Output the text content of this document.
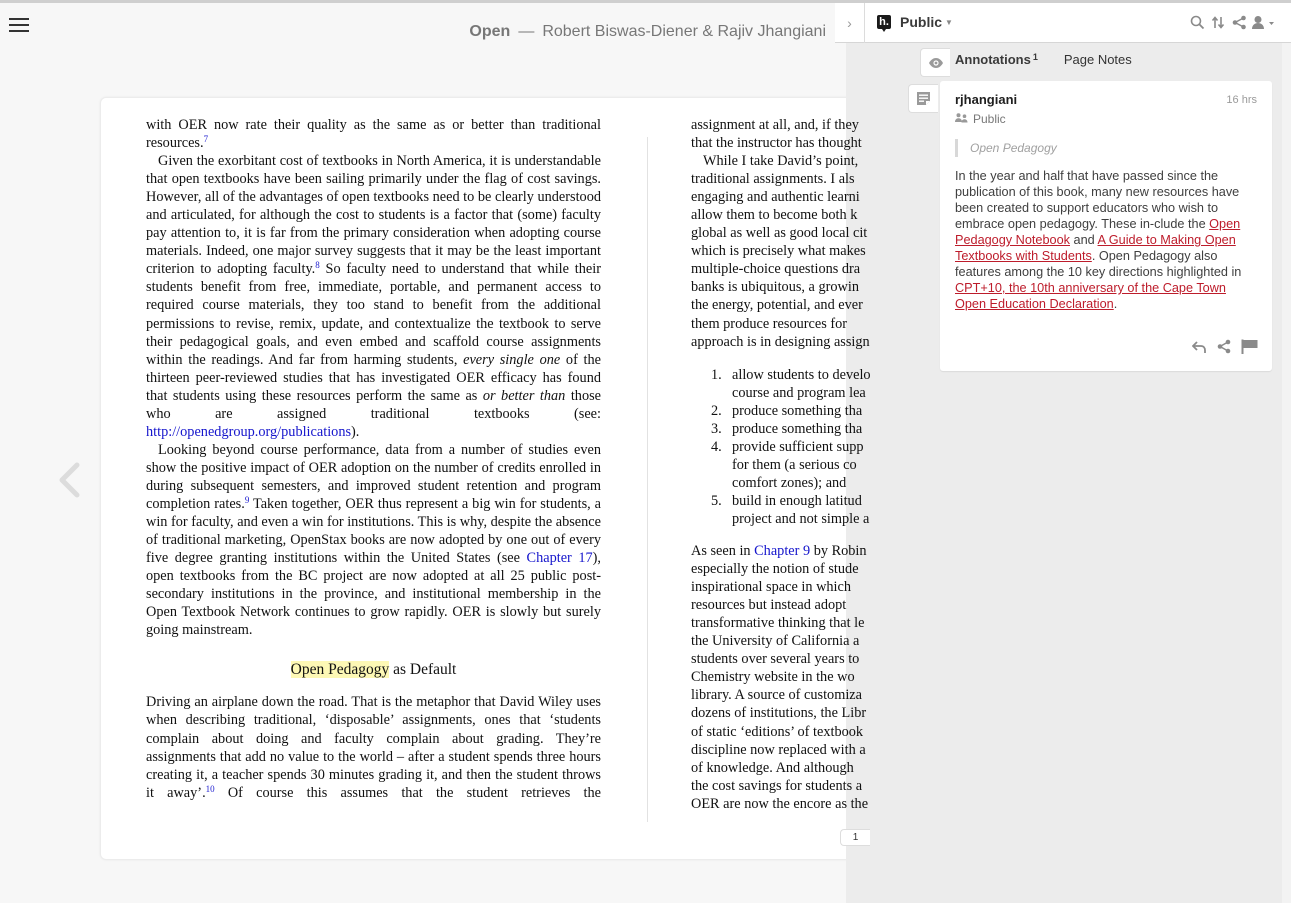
Open — Robert Biswas-Diener & Rajiv Jhangiani

with OER now rate their quality as the same as or better than traditional resources.$^7$

Given the exorbitant cost of textbooks in North America, it is understandable that open textbooks have been sailing primarily under the flag of cost savings. However, all of the advantages of open textbooks need to be clearly understood and articulated, for although the cost to students is a factor that (some) faculty pay attention to, it is far from the primary consideration when adopting course materials. Indeed, one major survey suggests that it may be the least important criterion to adopting faculty.$^8$ So faculty need to understand that while their students benefit from free, immediate, portable, and permanent access to required course materials, they too stand to benefit from the additional permissions to revise, remix, update, and contextualize the textbook to serve their pedagogical goals, and even embed and scaffold course assignments within the readings. And far from harming students, every single one of the thirteen peer-reviewed studies that has investigated OER efficacy has found that students using these resources perform the same as or better than those who are assigned traditional textbooks (see: http://openedgroup.org/publications).

Looking beyond course performance, data from a number of studies even show the positive impact of OER adoption on the number of credits enrolled in during subsequent semesters, and improved student retention and program completion rates.$^9$ Taken together, OER thus represent a big win for students, a win for faculty, and even a win for institutions. This is why, despite the absence of traditional marketing, OpenStax books are now adopted by one out of every five degree granting institutions within the United States (see Chapter 17), open textbooks from the BC project are now adopted at all 25 public post-secondary institutions in the province, and institutional membership in the Open Textbook Network continues to grow rapidly. OER is slowly but surely going mainstream.

Open Pedagogy as Default

Driving an airplane down the road. That is the metaphor that David Wiley uses when describing traditional, ‘disposable’ assignments, ones that ‘students complain about doing and faculty complain about grading. They’re assignments that add no value to the world – after a student spends three hours creating it, a teacher spends 30 minutes grading it, and then the student throws it away’.$^{10}$ Of course this assumes that the student retrieves the

assignment at all, and, if they
that the instructor has thought
While I take David’s point,
traditional assignments. I als
engaging and authentic learni
allow them to become both k
global as well as good local cit
which is precisely what makes
multiple-choice questions dra
banks is ubiquitous, a growin
the energy, potential, and ever
them produce resources for
approach is in designing assign
1. allow students to develo
course and program lea
2. produce something tha
3. produce something tha
4. provide sufficient supp
for them (a serious co
comfort zones); and
5. build in enough latitud
project and not simple a
As seen in Chapter 9 by Robin
especially the notion of stude
inspirational space in which
resources but instead adopt
transformative thinking that le
the University of California a
students over several years to
Chemistry website in the wo
library. A source of customiza
dozens of institutions, the Libr
of static ‘editions’ of textbook
discipline now replaced with a
of knowledge. And although
the cost savings for students a
OER are now the encore as the
1
›	h. Public ▼
Annotations $^1$ Page Notes
rjhangiani	16 hrs
Public
Open Pedagogy
In the year and half that have passed since the publication of this book, many new resources have been created to support educators who wish to embrace open pedagogy. These in-clude the Open Pedagogy Notebook and A Guide to Making Open Textbooks with Students. Open Pedagogy also features among the 10 key directions highlighted in CPT+10, the 10th anniversary of the Cape Town Open Education Declaration.
